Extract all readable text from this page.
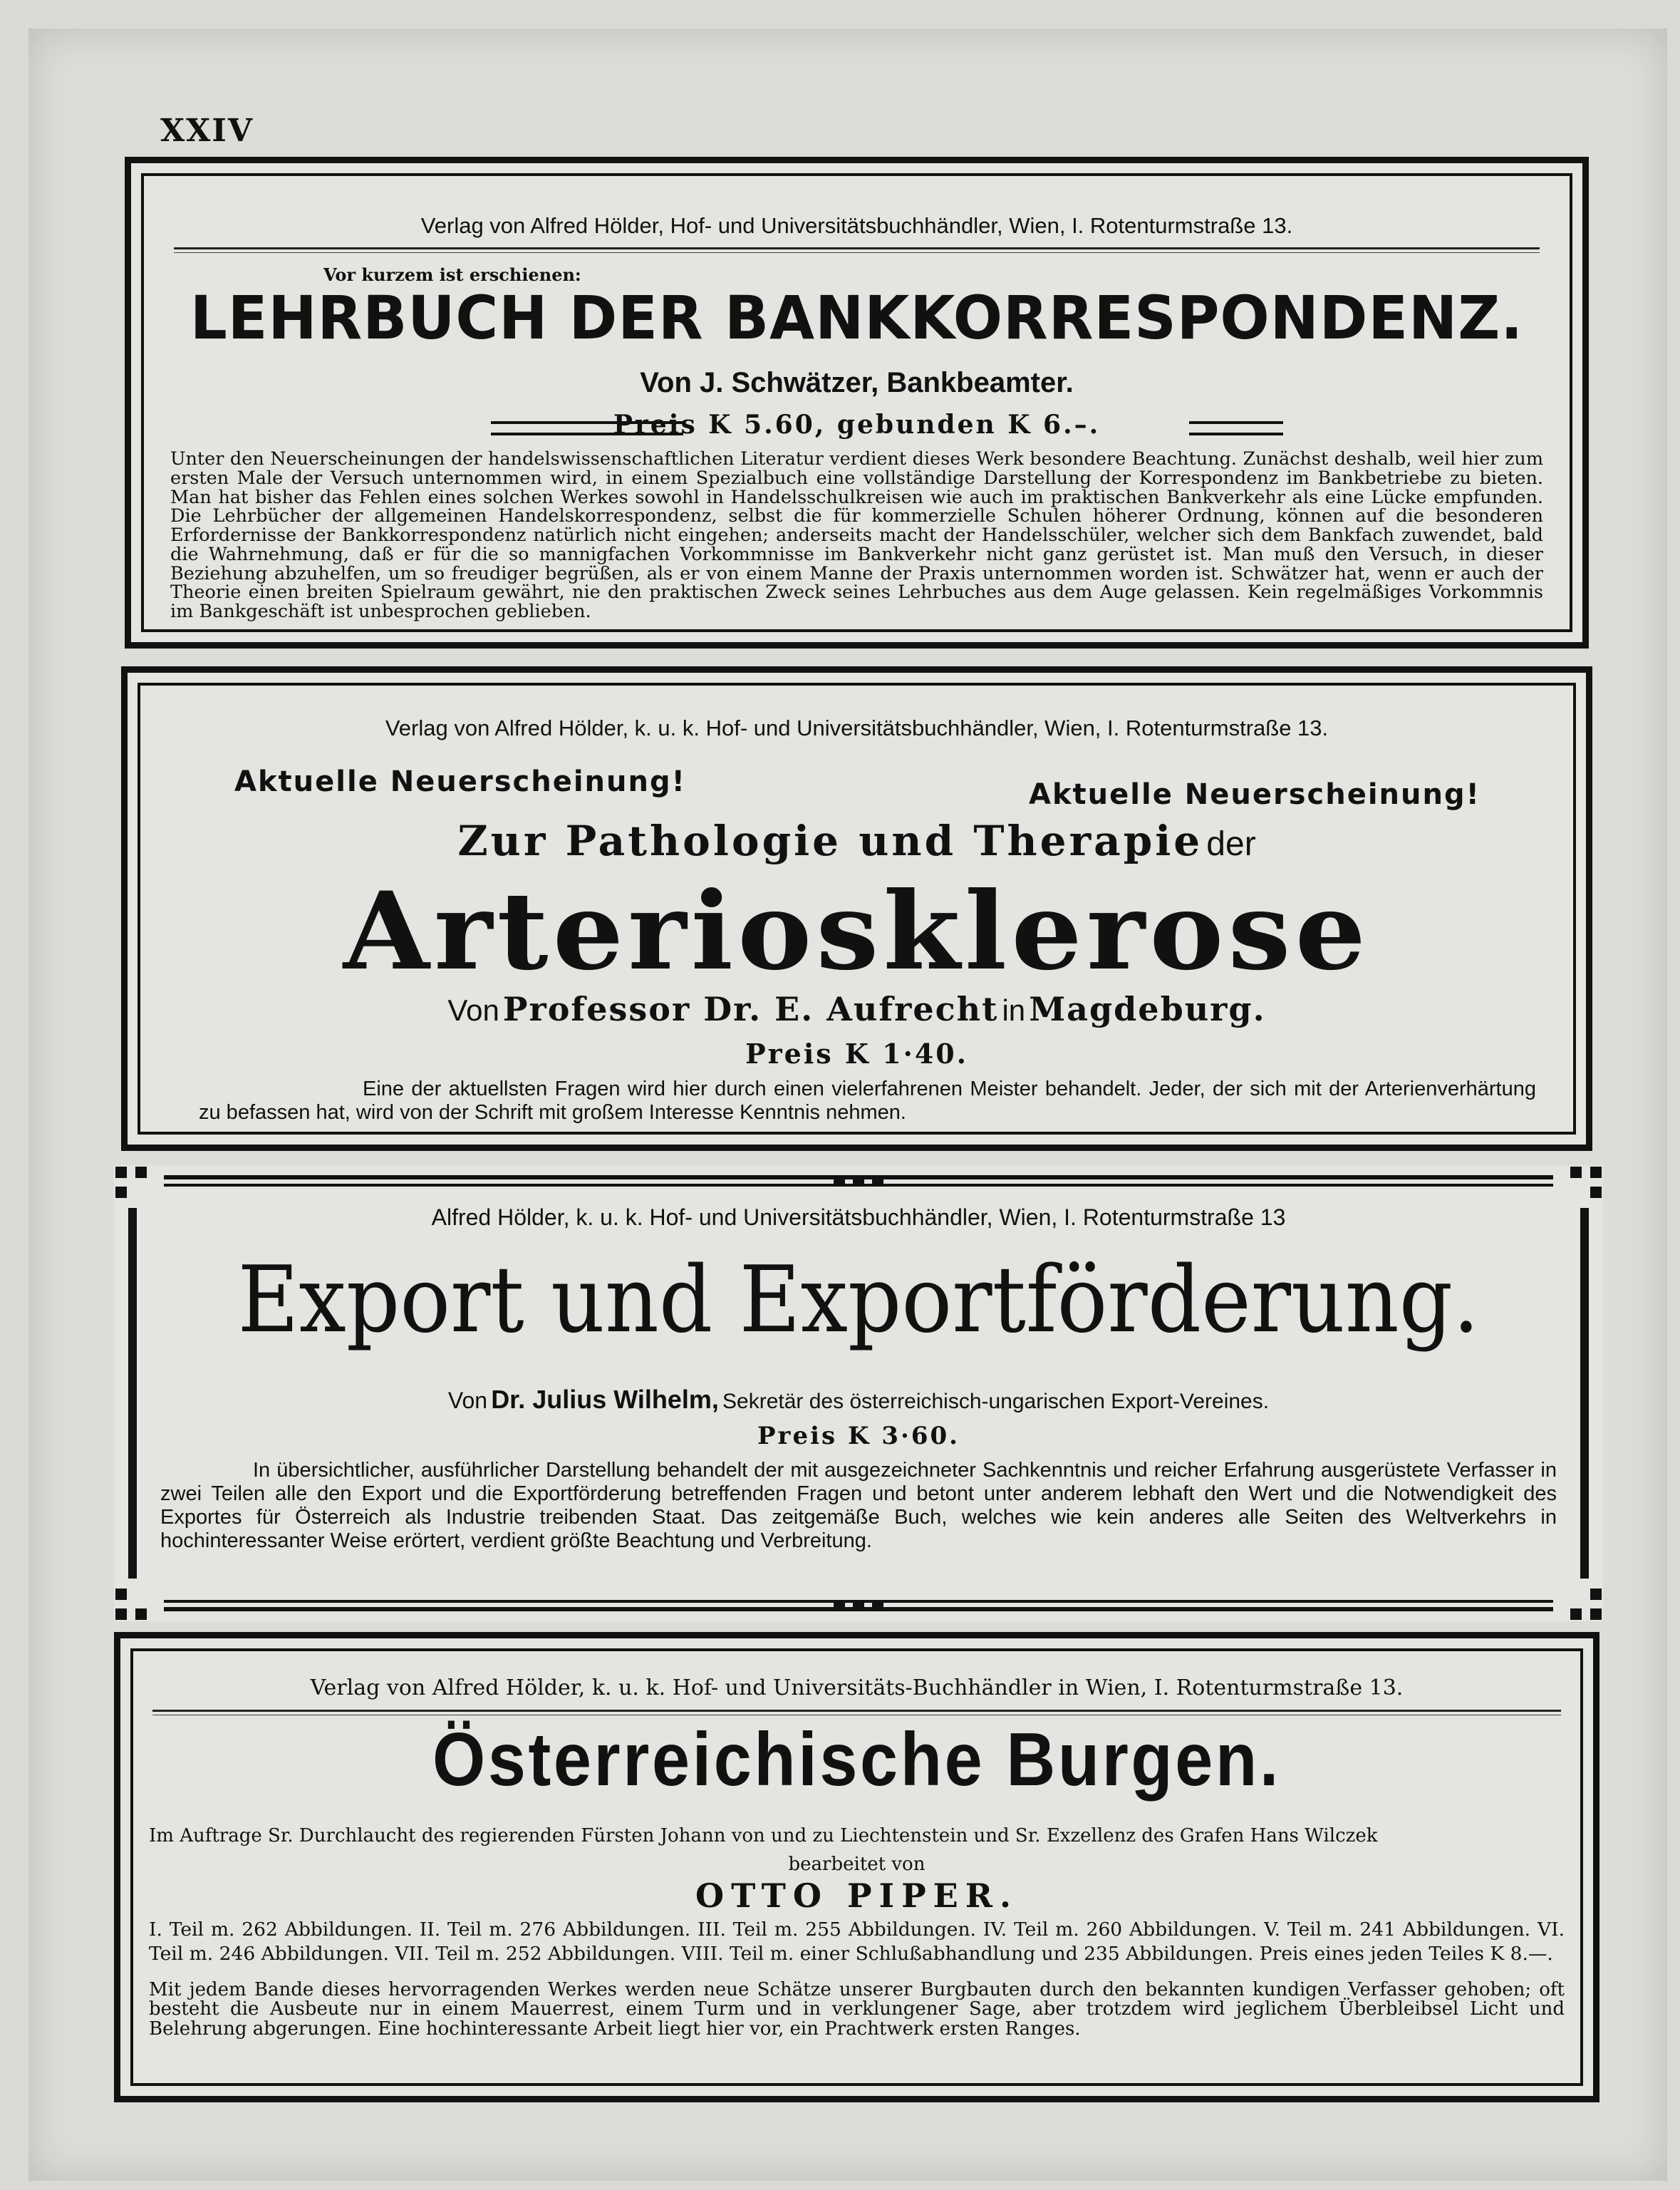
XXIV
Verlag von Alfred Hölder, Hof- und Universitätsbuchhändler, Wien, I. Rotenturmstraße 13.
Vor kurzem ist erschienen:
LEHRBUCH DER BANKKORRESPONDENZ.
Von J. Schwätzer, Bankbeamter.
Preis K 5.60, gebunden K 6.–.
Unter den Neuerscheinungen der handelswissenschaftlichen Literatur verdient dieses Werk besondere Beachtung. Zunächst deshalb, weil hier zum ersten Male der Versuch unternommen wird, in einem Spezialbuch eine vollständige Darstellung der Korrespondenz im Bankbetriebe zu bieten. Man hat bisher das Fehlen eines solchen Werkes sowohl in Handelsschulkreisen wie auch im praktischen Bankverkehr als eine Lücke empfunden. Die Lehrbücher der allgemeinen Handelskorrespondenz, selbst die für kommerzielle Schulen höherer Ordnung, können auf die besonderen Erfordernisse der Bankkorrespondenz natürlich nicht eingehen; anderseits macht der Handelsschüler, welcher sich dem Bankfach zuwendet, bald die Wahrnehmung, daß er für die so mannigfachen Vorkommnisse im Bankverkehr nicht ganz gerüstet ist. Man muß den Versuch, in dieser Beziehung abzuhelfen, um so freudiger begrüßen, als er von einem Manne der Praxis unternommen worden ist. Schwätzer hat, wenn er auch der Theorie einen breiten Spielraum gewährt, nie den praktischen Zweck seines Lehrbuches aus dem Auge gelassen. Kein regelmäßiges Vorkommnis im Bankgeschäft ist unbesprochen geblieben.
Verlag von Alfred Hölder, k. u. k. Hof- und Universitätsbuchhändler, Wien, I. Rotenturmstraße 13.
Aktuelle Neuerscheinung!	Aktuelle Neuerscheinung!
Zur Pathologie und Therapie der
Arteriosklerose
Von Professor Dr. E. Aufrecht in Magdeburg.
Preis K 1·40.
Eine der aktuellsten Fragen wird hier durch einen vielerfahrenen Meister behandelt. Jeder, der sich mit der Arterienverhärtung zu befassen hat, wird von der Schrift mit großem Interesse Kenntnis nehmen.
Alfred Hölder, k. u. k. Hof- und Universitätsbuchhändler, Wien, I. Rotenturmstraße 13
Export und Exportförderung.
Von Dr. Julius Wilhelm, Sekretär des österreichisch-ungarischen Export-Vereines.
Preis K 3·60.
In übersichtlicher, ausführlicher Darstellung behandelt der mit ausgezeichneter Sachkenntnis und reicher Erfahrung ausgerüstete Verfasser in zwei Teilen alle den Export und die Exportförderung betreffenden Fragen und betont unter anderem lebhaft den Wert und die Notwendigkeit des Exportes für Österreich als Industrie treibenden Staat. Das zeitgemäße Buch, welches wie kein anderes alle Seiten des Weltverkehrs in hochinteressanter Weise erörtert, verdient größte Beachtung und Verbreitung.
Verlag von Alfred Hölder, k. u. k. Hof- und Universitäts-Buchhändler in Wien, I. Rotenturmstraße 13.
Österreichische Burgen.
Im Auftrage Sr. Durchlaucht des regierenden Fürsten Johann von und zu Liechtenstein und Sr. Exzellenz des Grafen Hans Wilczek
bearbeitet von
OTTO PIPER.
I. Teil m. 262 Abbildungen. II. Teil m. 276 Abbildungen. III. Teil m. 255 Abbildungen. IV. Teil m. 260 Abbildungen. V. Teil m. 241 Abbildungen. VI. Teil m. 246 Abbildungen. VII. Teil m. 252 Abbildungen. VIII. Teil m. einer Schlußabhandlung und 235 Abbildungen. Preis eines jeden Teiles K 8.—.
Mit jedem Bande dieses hervorragenden Werkes werden neue Schätze unserer Burgbauten durch den bekannten kundigen Verfasser gehoben; oft besteht die Ausbeute nur in einem Mauerrest, einem Turm und in verklungener Sage, aber trotzdem wird jeglichem Überbleibsel Licht und Belehrung abgerungen. Eine hochinteressante Arbeit liegt hier vor, ein Prachtwerk ersten Ranges.
